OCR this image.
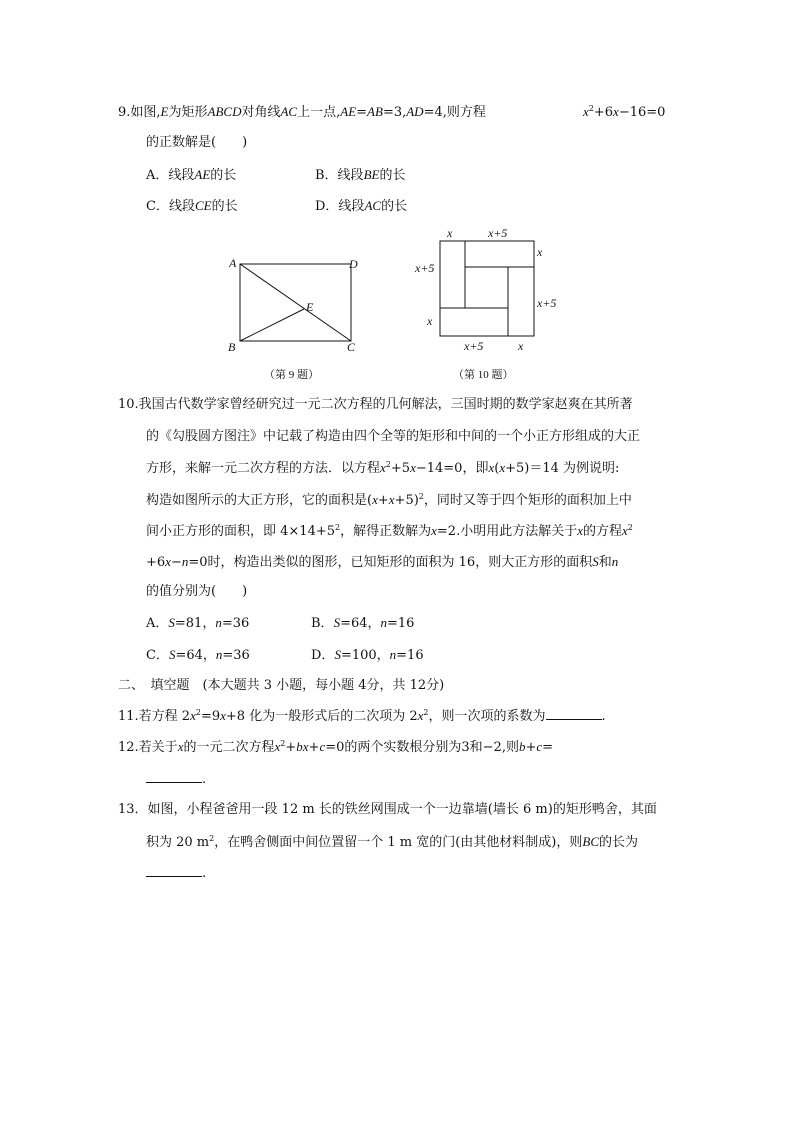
9.如图,E为矩形ABCD对角线AC上一点,AE=AB=3,AD=4,则方程	$x^2+6x-16=0$
的正数解是(　　)
A．线段AE的长	B．线段BE的长
C．线段CE的长	D．线段AC的长
A	D
E
B	C
（第 9 题）
x	x+5
x
x+5
x+5
x
x+5	x
（第 10 题）
10.我国古代数学家曾经研究过一元二次方程的几何解法，三国时期的数学家赵爽在其所著
的《勾股圆方图注》中记载了构造由四个全等的矩形和中间的一个小正方形组成的大正
方形，来解一元二次方程的方法．以方程$x^2+5x-14=0$，即x(x+5)＝14 为例说明:
构造如图所示的大正方形，它的面积是$(x+x+5)^2$，同时又等于四个矩形的面积加上中
间小正方形的面积，即 $4\times 14+5^2$，解得正数解为x=2.小明用此方法解关于x的方程$x^2$
+6x−n=0时，构造出类似的图形，已知矩形的面积为 16，则大正方形的面积S和n
的值分别为(　　)
A．S=81，n=36	B．S=64，n=16
C．S=64，n=36	D．S=100，n=16
二、　填空题　(本大题共 3 小题，每小题 4分，共 12分)
11.若方程 $2x^2=9x+8$ 化为一般形式后的二次项为 $2x^2$，则一次项的系数为	.
12.若关于x的一元二次方程$x^2+bx+c=0$的两个实数根分别为3和−2,则b+c=
.
13．如图，小程爸爸用一段 12 m 长的铁丝网围成一个一边靠墙(墙长 6 m)的矩形鸭舍，其面
积为 20 $m^2$，在鸭舍侧面中间位置留一个 1 m 宽的门(由其他材料制成)，则BC的长为
.
